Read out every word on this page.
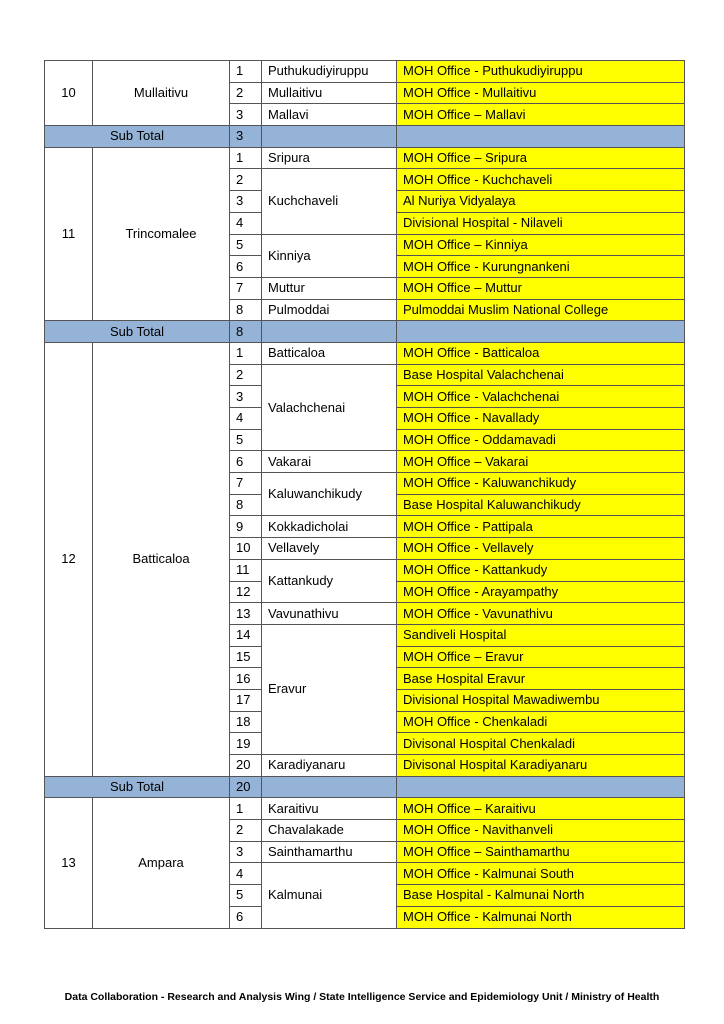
10	Mullaitivu	1	Puthukudiyiruppu	MOH Office - Puthukudiyiruppu
		2	Mullaitivu	MOH Office - Mullaitivu
		3	Mallavi	MOH Office – Mallavi
Sub Total		3		
11	Trincomalee	1	Sripura	MOH Office – Sripura
		2	Kuchchaveli	MOH Office - Kuchchaveli
		3		Al Nuriya Vidyalaya
		4		Divisional Hospital - Nilaveli
		5	Kinniya	MOH Office – Kinniya
		6		MOH Office - Kurungnankeni
		7	Muttur	MOH Office – Muttur
		8	Pulmoddai	Pulmoddai Muslim National College
Sub Total		8		
12	Batticaloa	1	Batticaloa	MOH Office - Batticaloa
		2	Valachchenai	Base Hospital Valachchenai
		3		MOH Office - Valachchenai
		4		MOH Office - Navallady
		5		MOH Office - Oddamavadi
		6	Vakarai	MOH Office – Vakarai
		7	Kaluwanchikudy	MOH Office - Kaluwanchikudy
		8		Base Hospital Kaluwanchikudy
		9	Kokkadicholai	MOH Office - Pattipala
		10	Vellavely	MOH Office - Vellavely
		11	Kattankudy	MOH Office - Kattankudy
		12		MOH Office - Arayampathy
		13	Vavunathivu	MOH Office - Vavunathivu
		14	Eravur	Sandiveli Hospital
		15		MOH Office – Eravur
		16		Base Hospital Eravur
		17		Divisional Hospital Mawadiwembu
		18		MOH Office - Chenkaladi
		19		Divisonal Hospital Chenkaladi
		20	Karadiyanaru	Divisonal Hospital Karadiyanaru
Sub Total		20		
13	Ampara	1	Karaitivu	MOH Office – Karaitivu
		2	Chavalakade	MOH Office - Navithanveli
		3	Sainthamarthu	MOH Office – Sainthamarthu
		4	Kalmunai	MOH Office - Kalmunai South
		5		Base Hospital - Kalmunai North
		6		MOH Office - Kalmunai North
Data Collaboration - Research and Analysis Wing / State Intelligence Service and Epidemiology Unit / Ministry of Health
